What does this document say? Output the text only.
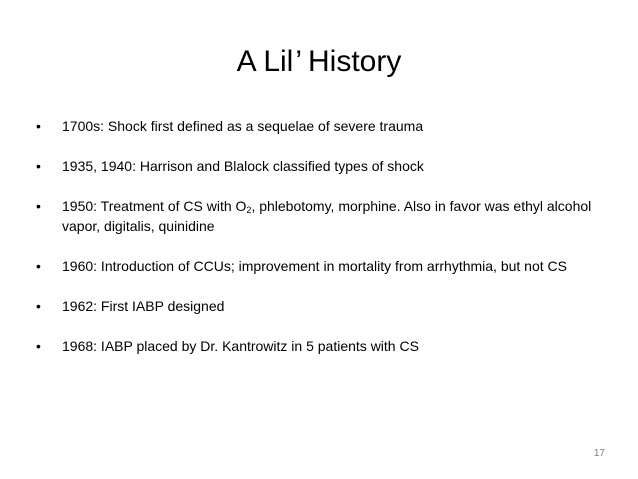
A Lil’ History
• 1700s: Shock first defined as a sequelae of severe trauma
• 1935, 1940: Harrison and Blalock classified types of shock
• 1950: Treatment of CS with $O_2$, phlebotomy, morphine. Also in favor was ethyl alcohol vapor, digitalis, quinidine
• 1960: Introduction of CCUs; improvement in mortality from arrhythmia, but not CS
• 1962: First IABP designed
• 1968: IABP placed by Dr. Kantrowitz in 5 patients with CS
17
